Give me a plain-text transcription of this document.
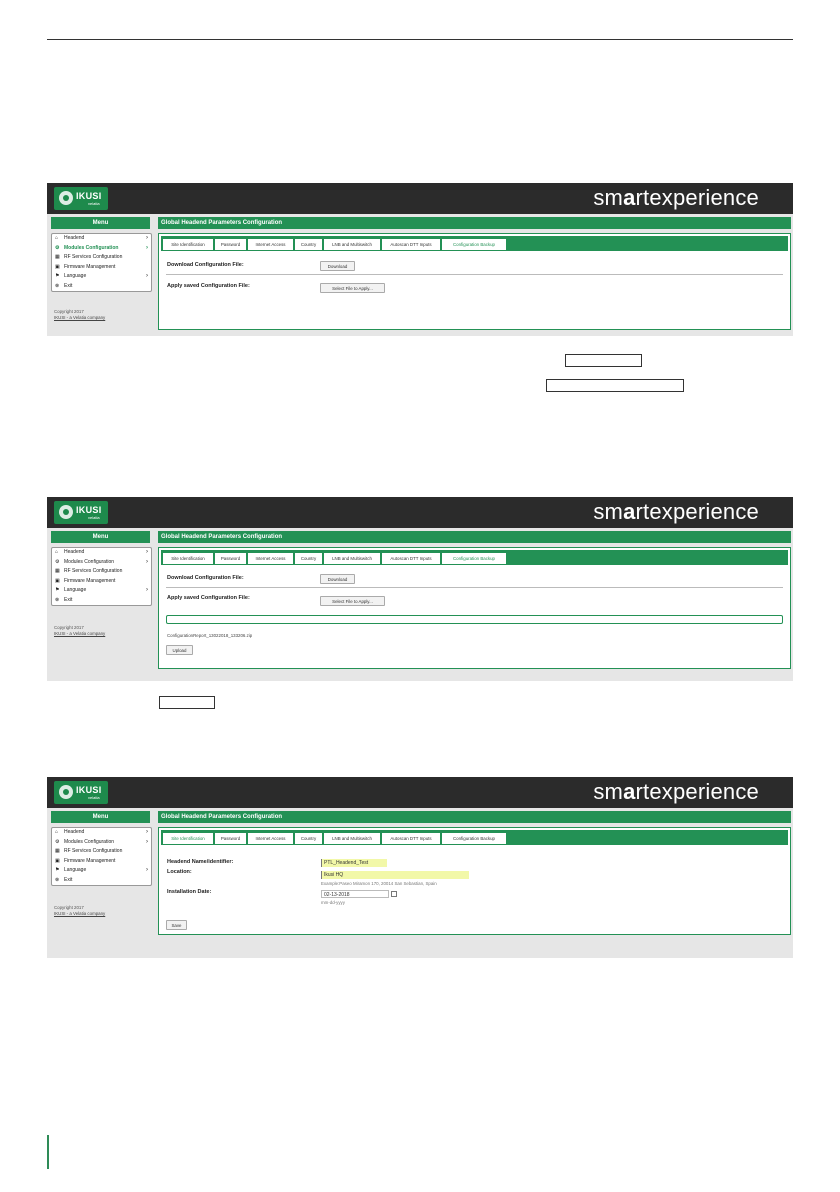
IKUSI
velatia	smartexperience
Menu
⌂ Headend	›
⚙ Modules Configuration	›
▦ RF Services Configuration
▣ Firmware Management
⚑ Language	›
⊗ Exit
Copyright 2017
IKUSI - a Velatia company
Global Headend Parameters Configuration
Site Identification	Password	Internet Access	Country	LNB and Multiswitch	Autoscan DTT Inputs	Configuration Backup
Download Configuration File:	Download
Apply saved Configuration File:	Select File to Apply...
IKUSI
velatia	smartexperience
Menu
⌂ Headend	›
⚙ Modules Configuration	›
▦ RF Services Configuration
▣ Firmware Management
⚑ Language	›
⊗ Exit
Copyright 2017
IKUSI - a Velatia company
Global Headend Parameters Configuration
Site Identification	Password	Internet Access	Country	LNB and Multiswitch	Autoscan DTT Inputs	Configuration Backup
Download Configuration File:	Download
Apply saved Configuration File:
Select File to Apply...
ConfigurationReport_13022018_133206.zip
Upload
IKUSI
velatia	smartexperience
Menu
⌂ Headend	›
⚙ Modules Configuration	›
▦ RF Services Configuration
▣ Firmware Management
⚑ Language	›
⊗ Exit
Copyright 2017
IKUSI - a Velatia company
Global Headend Parameters Configuration
Site Identification	Password	Internet Access	Country	LNB and Multiswitch	Autoscan DTT Inputs	Configuration Backup
Headend Name/identifier:	PTL_Headend_Test
Location:	Ikusi HQ
Example:Paseo Miramon 170, 20014 San Sebastian, Spain
Installation Date:	02-13-2018
mm-dd-yyyy
Save
